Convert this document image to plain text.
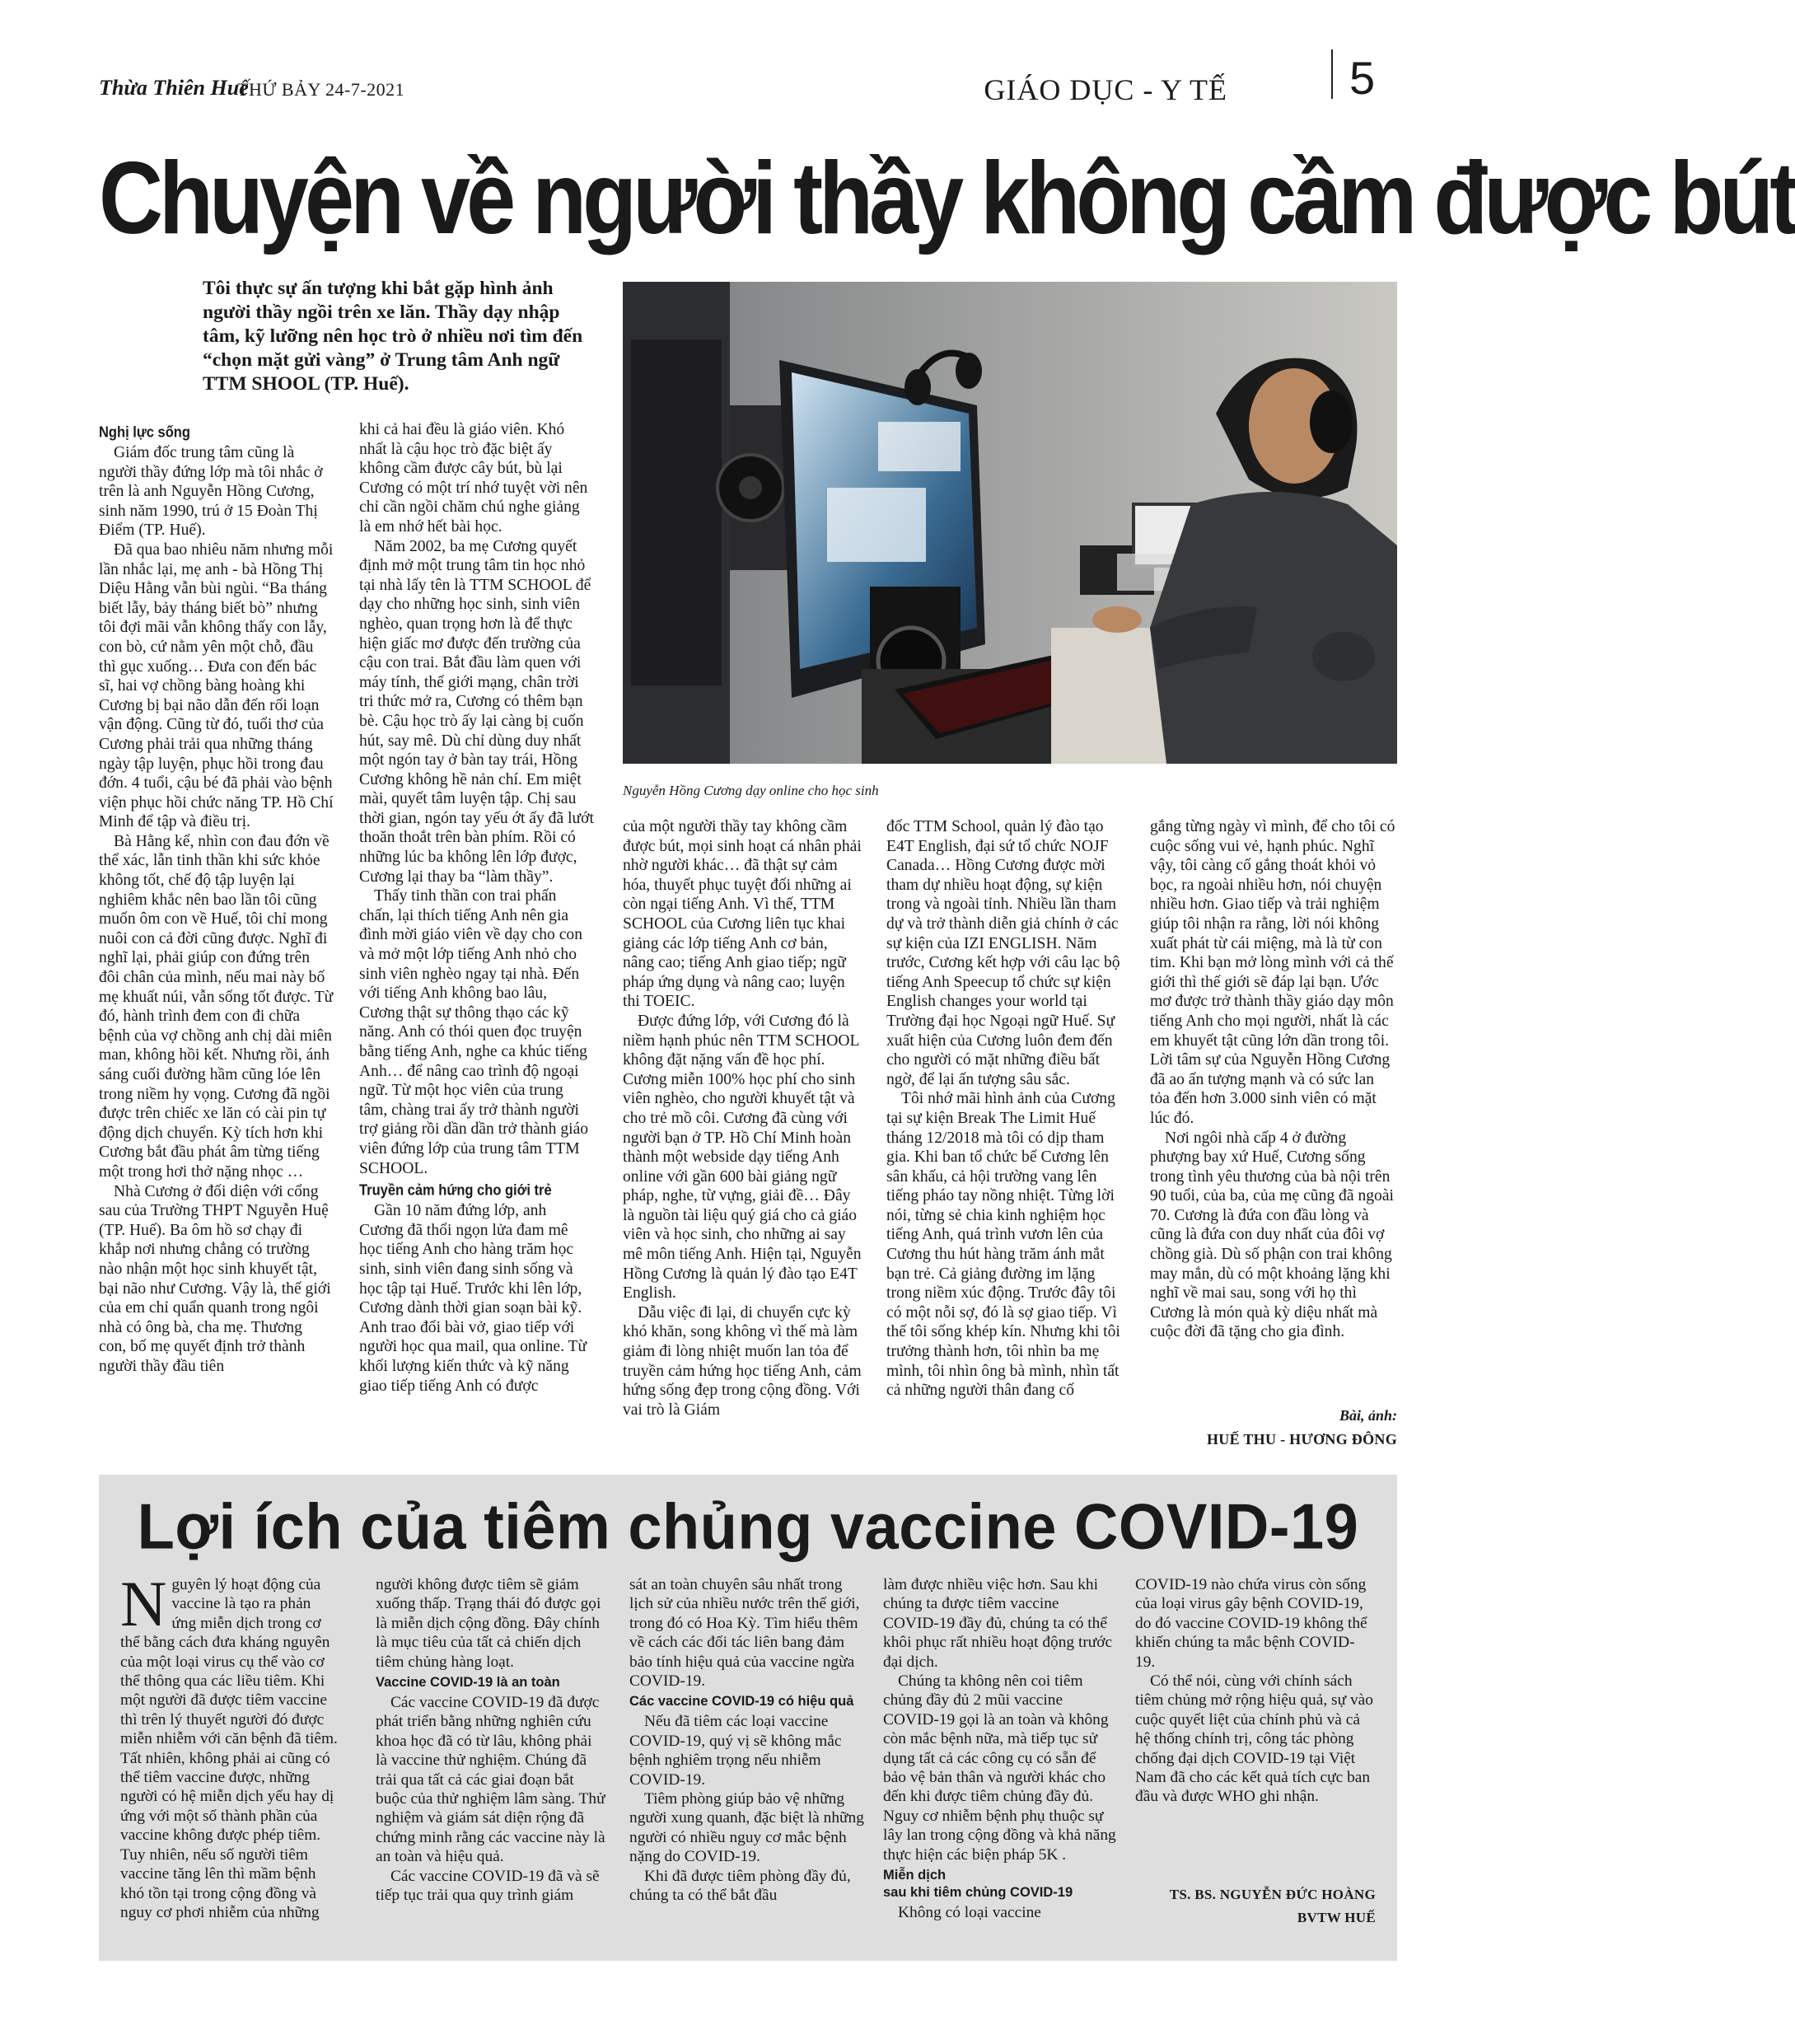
Thừa Thiên Huế
THỨ BẢY 24-7-2021	GIÁO DỤC - Y TẾ	5
Chuyện về người thầy không cầm được bút
Tôi thực sự ấn tượng khi bắt gặp hình ảnh người thầy ngồi trên xe lăn. Thầy dạy nhập tâm, kỹ lưỡng nên học trò ở nhiều nơi tìm đến “chọn mặt gửi vàng” ở Trung tâm Anh ngữ TTM SHOOL (TP. Huế).
Nguyễn Hồng Cương dạy online cho học sinh

Nghị lực sống

Giám đốc trung tâm cũng là người thầy đứng lớp mà tôi nhắc ở trên là anh Nguyễn Hồng Cương, sinh năm 1990, trú ở 15 Đoàn Thị Điểm (TP. Huế).

Đã qua bao nhiêu năm nhưng mỗi lần nhắc lại, mẹ anh - bà Hồng Thị Diệu Hằng vẫn bùi ngùi. “Ba tháng biết lẫy, bảy tháng biết bò” nhưng tôi đợi mãi vẫn không thấy con lẫy, con bò, cứ nằm yên một chỗ, đầu thì gục xuống… Đưa con đến bác sĩ, hai vợ chồng bàng hoàng khi Cương bị bại não dẫn đến rối loạn vận động. Cũng từ đó, tuổi thơ của Cương phải trải qua những tháng ngày tập luyện, phục hồi trong đau đớn. 4 tuổi, cậu bé đã phải vào bệnh viện phục hồi chức năng TP. Hồ Chí Minh để tập và điều trị.

Bà Hằng kể, nhìn con đau đớn về thể xác, lẫn tinh thần khi sức khỏe không tốt, chế độ tập luyện lại nghiêm khắc nên bao lần tôi cũng muốn ôm con về Huế, tôi chỉ mong nuôi con cả đời cũng được. Nghĩ đi nghĩ lại, phải giúp con đứng trên đôi chân của mình, nếu mai này bố mẹ khuất núi, vẫn sống tốt được. Từ đó, hành trình đem con đi chữa bệnh của vợ chồng anh chị dài miên man, không hồi kết. Nhưng rồi, ánh sáng cuối đường hầm cũng lóe lên trong niềm hy vọng. Cương đã ngồi được trên chiếc xe lăn có cài pin tự động dịch chuyển. Kỳ tích hơn khi Cương bắt đầu phát âm từng tiếng một trong hơi thở nặng nhọc …

Nhà Cương ở đối diện với cổng sau của Trường THPT Nguyễn Huệ (TP. Huế). Ba ôm hồ sơ chạy đi khắp nơi nhưng chẳng có trường nào nhận một học sinh khuyết tật, bại não như Cương. Vậy là, thế giới của em chỉ quẩn quanh trong ngôi nhà có ông bà, cha mẹ. Thương con, bố mẹ quyết định trở thành người thầy đầu tiên

khi cả hai đều là giáo viên. Khó nhất là cậu học trò đặc biệt ấy không cầm được cây bút, bù lại Cương có một trí nhớ tuyệt vời nên chỉ cần ngồi chăm chú nghe giảng là em nhớ hết bài học.

Năm 2002, ba mẹ Cương quyết định mở một trung tâm tin học nhỏ tại nhà lấy tên là TTM SCHOOL để dạy cho những học sinh, sinh viên nghèo, quan trọng hơn là để thực hiện giấc mơ được đến trường của cậu con trai. Bắt đầu làm quen với máy tính, thế giới mạng, chân trời tri thức mở ra, Cương có thêm bạn bè. Cậu học trò ấy lại càng bị cuốn hút, say mê. Dù chỉ dùng duy nhất một ngón tay ở bàn tay trái, Hồng Cương không hề nản chí. Em miệt mài, quyết tâm luyện tập. Chị sau thời gian, ngón tay yếu ớt ấy đã lướt thoăn thoắt trên bàn phím. Rồi có những lúc ba không lên lớp được, Cương lại thay ba “làm thầy”.

Thấy tinh thần con trai phấn chấn, lại thích tiếng Anh nên gia đình mời giáo viên về dạy cho con và mở một lớp tiếng Anh nhỏ cho sinh viên nghèo ngay tại nhà. Đến với tiếng Anh không bao lâu, Cương thật sự thông thạo các kỹ năng. Anh có thói quen đọc truyện bằng tiếng Anh, nghe ca khúc tiếng Anh… để nâng cao trình độ ngoại ngữ. Từ một học viên của trung tâm, chàng trai ấy trở thành người trợ giảng rồi dần dần trở thành giáo viên đứng lớp của trung tâm TTM SCHOOL.

Truyền cảm hứng cho giới trẻ

Gần 10 năm đứng lớp, anh Cương đã thổi ngọn lửa đam mê học tiếng Anh cho hàng trăm học sinh, sinh viên đang sinh sống và học tập tại Huế. Trước khi lên lớp, Cương dành thời gian soạn bài kỹ. Anh trao đổi bài vở, giao tiếp với người học qua mail, qua online. Từ khối lượng kiến thức và kỹ năng giao tiếp tiếng Anh có được

của một người thầy tay không cầm được bút, mọi sinh hoạt cá nhân phải nhờ người khác… đã thật sự cảm hóa, thuyết phục tuyệt đối những ai còn ngại tiếng Anh. Vì thế, TTM SCHOOL của Cương liên tục khai giảng các lớp tiếng Anh cơ bản, nâng cao; tiếng Anh giao tiếp; ngữ pháp ứng dụng và nâng cao; luyện thi TOEIC.

Được đứng lớp, với Cương đó là niềm hạnh phúc nên TTM SCHOOL không đặt nặng vấn đề học phí. Cương miễn 100% học phí cho sinh viên nghèo, cho người khuyết tật và cho trẻ mồ côi. Cương đã cùng với người bạn ở TP. Hồ Chí Minh hoàn thành một webside dạy tiếng Anh online với gần 600 bài giảng ngữ pháp, nghe, từ vựng, giải đề… Đây là nguồn tài liệu quý giá cho cả giáo viên và học sinh, cho những ai say mê môn tiếng Anh. Hiện tại, Nguyễn Hồng Cương là quản lý đào tạo E4T English.

Dẫu việc đi lại, di chuyển cực kỳ khó khăn, song không vì thế mà làm giảm đi lòng nhiệt muốn lan tỏa để truyền cảm hứng học tiếng Anh, cảm hứng sống đẹp trong cộng đồng. Với vai trò là Giám

đốc TTM School, quản lý đào tạo E4T English, đại sứ tổ chức NOJF Canada… Hồng Cương được mời tham dự nhiều hoạt động, sự kiện trong và ngoài tỉnh. Nhiều lần tham dự và trở thành diễn giả chính ở các sự kiện của IZI ENGLISH. Năm trước, Cương kết hợp với câu lạc bộ tiếng Anh Speecup tổ chức sự kiện English changes your world tại Trường đại học Ngoại ngữ Huế. Sự xuất hiện của Cương luôn đem đến cho người có mặt những điều bất ngờ, để lại ấn tượng sâu sắc.

Tôi nhớ mãi hình ảnh của Cương tại sự kiện Break The Limit Huế tháng 12/2018 mà tôi có dịp tham gia. Khi ban tổ chức bế Cương lên sân khấu, cả hội trường vang lên tiếng pháo tay nồng nhiệt. Từng lời nói, từng sẻ chia kinh nghiệm học tiếng Anh, quá trình vươn lên của Cương thu hút hàng trăm ánh mắt bạn trẻ. Cả giảng đường im lặng trong niềm xúc động. Trước đây tôi có một nỗi sợ, đó là sợ giao tiếp. Vì thế tôi sống khép kín. Nhưng khi tôi trưởng thành hơn, tôi nhìn ba mẹ mình, tôi nhìn ông bà mình, nhìn tất cả những người thân đang cố

gắng từng ngày vì mình, để cho tôi có cuộc sống vui vẻ, hạnh phúc. Nghĩ vậy, tôi càng cố gắng thoát khỏi vỏ bọc, ra ngoài nhiều hơn, nói chuyện nhiều hơn. Giao tiếp và trải nghiệm giúp tôi nhận ra rằng, lời nói không xuất phát từ cái miệng, mà là từ con tim. Khi bạn mở lòng mình với cả thế giới thì thế giới sẽ đáp lại bạn. Ước mơ được trở thành thầy giáo dạy môn tiếng Anh cho mọi người, nhất là các em khuyết tật cũng lớn dần trong tôi. Lời tâm sự của Nguyễn Hồng Cương đã ao ấn tượng mạnh và có sức lan tỏa đến hơn 3.000 sinh viên có mặt lúc đó.

Nơi ngôi nhà cấp 4 ở đường phượng bay xứ Huế, Cương sống trong tình yêu thương của bà nội trên 90 tuổi, của ba, của mẹ cũng đã ngoài 70. Cương là đứa con đầu lòng và cũng là đứa con duy nhất của đôi vợ chồng già. Dù số phận con trai không may mắn, dù có một khoảng lặng khi nghĩ về mai sau, song với họ thì Cương là món quà kỳ diệu nhất mà cuộc đời đã tặng cho gia đình.

Bài, ảnh:
HUẾ THU - HƯƠNG ĐÔNG
Lợi ích của tiêm chủng vaccine COVID-19
N guyên lý hoạt động của vaccine là tạo ra phản ứng miễn dịch trong cơ thể bằng cách đưa kháng nguyên của một loại virus cụ thể vào cơ thể thông qua các liều tiêm. Khi một người đã được tiêm vaccine thì trên lý thuyết người đó được miễn nhiễm với căn bệnh đã tiêm. Tất nhiên, không phải ai cũng có thể tiêm vaccine được, những người có hệ miễn dịch yếu hay dị ứng với một số thành phần của vaccine không được phép tiêm. Tuy nhiên, nếu số người tiêm vaccine tăng lên thì mầm bệnh khó tồn tại trong cộng đồng và nguy cơ phơi nhiễm của những

người không được tiêm sẽ giảm xuống thấp. Trạng thái đó được gọi là miễn dịch cộng đồng. Đây chính là mục tiêu của tất cả chiến dịch tiêm chủng hàng loạt.

Vaccine COVID-19 là an toàn

Các vaccine COVID-19 đã được phát triển bằng những nghiên cứu khoa học đã có từ lâu, không phải là vaccine thử nghiệm. Chúng đã trải qua tất cả các giai đoạn bắt buộc của thử nghiệm lâm sàng. Thử nghiệm và giám sát diện rộng đã chứng minh rằng các vaccine này là an toàn và hiệu quả.

Các vaccine COVID-19 đã và sẽ tiếp tục trải qua quy trình giám

sát an toàn chuyên sâu nhất trong lịch sử của nhiều nước trên thế giới, trong đó có Hoa Kỳ. Tìm hiểu thêm về cách các đối tác liên bang đảm bảo tính hiệu quả của vaccine ngừa COVID-19.

Các vaccine COVID-19 có hiệu quả

Nếu đã tiêm các loại vaccine COVID-19, quý vị sẽ không mắc bệnh nghiêm trọng nếu nhiễm COVID-19.

Tiêm phòng giúp bảo vệ những người xung quanh, đặc biệt là những người có nhiều nguy cơ mắc bệnh nặng do COVID-19.

Khi đã được tiêm phòng đầy đủ, chúng ta có thể bắt đầu

làm được nhiều việc hơn. Sau khi chúng ta được tiêm vaccine COVID-19 đầy đủ, chúng ta có thể khôi phục rất nhiều hoạt động trước đại dịch.

Chúng ta không nên coi tiêm chủng đầy đủ 2 mũi vaccine COVID-19 gọi là an toàn và không còn mắc bệnh nữa, mà tiếp tục sử dụng tất cả các công cụ có sẵn để bảo vệ bản thân và người khác cho đến khi được tiêm chủng đầy đủ. Nguy cơ nhiễm bệnh phụ thuộc sự lây lan trong cộng đồng và khả năng thực hiện các biện pháp 5K .

Miễn dịch

sau khi tiêm chủng COVID-19

Không có loại vaccine

COVID-19 nào chứa virus còn sống của loại virus gây bệnh COVID-19, do đó vaccine COVID-19 không thể khiến chúng ta mắc bệnh COVID-19.

Có thể nói, cùng với chính sách tiêm chủng mở rộng hiệu quả, sự vào cuộc quyết liệt của chính phủ và cả hệ thống chính trị, công tác phòng chống đại dịch COVID-19 tại Việt Nam đã cho các kết quả tích cực ban đầu và được WHO ghi nhận.

TS. BS. NGUYỄN ĐỨC HOÀNG
BVTW HUẾ
